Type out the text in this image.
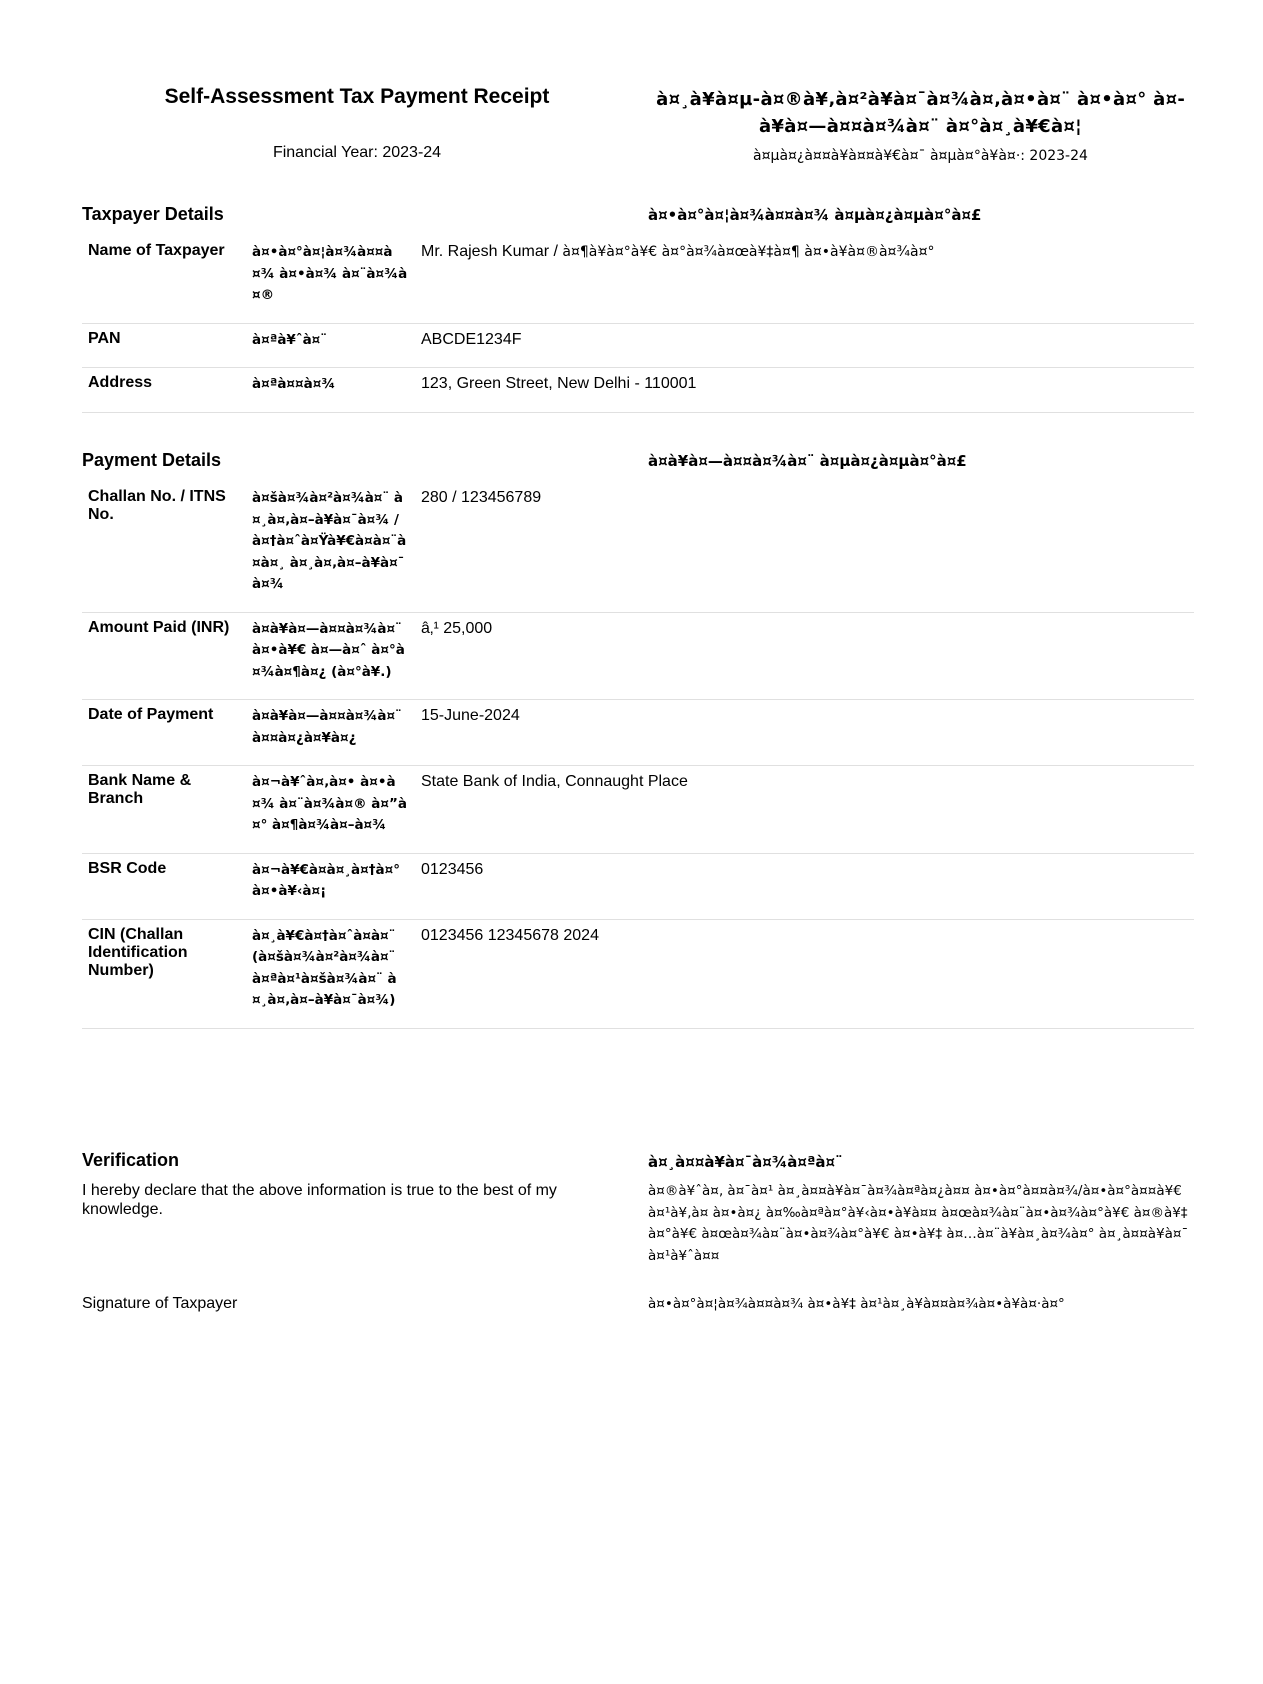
Self-Assessment Tax Payment Receipt
Financial Year: 2023-24
à¤¸à¥à¤µ-à¤®à¥‚à¤²à¥à¤¯à¤¾à¤‚à¤•à¤¨ à¤•à¤° à¤à¥à¤—à¤¤à¤¾à¤¨ à¤°à¤¸à¥€à¤¦
à¤µà¤¿à¤¤à¥à¤¤à¥€à¤¯ à¤µà¤°à¥à¤·: 2023-24
Taxpayer Details	à¤•à¤°à¤¦à¤¾à¤¤à¤¾ à¤µà¤¿à¤µà¤°à¤£
Name of Taxpayer	à¤•à¤°à¤¦à¤¾à¤¤à¤¾ à¤•à¤¾ à¤¨à¤¾à¤®	Mr. Rajesh Kumar / à¤¶à¥à¤°à¥€ à¤°à¤¾à¤œà¥‡à¤¶ à¤•à¥à¤®à¤¾à¤°
PAN	à¤ªà¥ˆà¤¨	ABCDE1234F
Address	à¤ªà¤¤à¤¾	123, Green Street, New Delhi - 110001
Payment Details	à¤à¥à¤—à¤¤à¤¾à¤¨ à¤µà¤¿à¤µà¤°à¤£
Challan No. / ITNS No.	à¤šà¤¾à¤²à¤¾à¤¨ à¤¸à¤‚à¤–à¥à¤¯à¤¾ / à¤†à¤ˆà¤Ÿà¥€à¤à¤¨à¤à¤¸ à¤¸à¤‚à¤–à¥à¤¯à¤¾	280 / 123456789
Amount Paid (INR)	à¤à¥à¤—à¤¤à¤¾à¤¨ à¤•à¥€ à¤—à¤ˆ à¤°à¤¾à¤¶à¤¿ (à¤°à¥.)	â‚¹ 25,000
Date of Payment	à¤à¥à¤—à¤¤à¤¾à¤¨ à¤¤à¤¿à¤¥à¤¿	15-June-2024
Bank Name & Branch	à¤¬à¥ˆà¤‚à¤• à¤•à¤¾ à¤¨à¤¾à¤® à¤”à¤° à¤¶à¤¾à¤–à¤¾	State Bank of India, Connaught Place
BSR Code	à¤¬à¥€à¤à¤¸à¤†à¤° à¤•à¥‹à¤¡	0123456
CIN (Challan Identification Number)	à¤¸à¥€à¤†à¤ˆà¤à¤¨ (à¤šà¤¾à¤²à¤¾à¤¨ à¤ªà¤¹à¤šà¤¾à¤¨ à¤¸à¤‚à¤–à¥à¤¯à¤¾)	0123456 12345678 2024
Verification
I hereby declare that the above information is true to the best of my knowledge.
à¤¸à¤¤à¥à¤¯à¤¾à¤ªà¤¨
à¤®à¥ˆà¤‚ à¤¯à¤¹ à¤¸à¤¤à¥à¤¯à¤¾à¤ªà¤¿à¤¤ à¤•à¤°à¤¤à¤¾/à¤•à¤°à¤¤à¥€ à¤¹à¥‚à¤ à¤•à¤¿ à¤‰à¤ªà¤°à¥‹à¤•à¥à¤¤ à¤œà¤¾à¤¨à¤•à¤¾à¤°à¥€ à¤®à¥‡à¤°à¥€ à¤œà¤¾à¤¨à¤•à¤¾à¤°à¥€ à¤•à¥‡ à¤…à¤¨à¥à¤¸à¤¾à¤° à¤¸à¤¤à¥à¤¯ à¤¹à¥ˆà¤¤
Signature of Taxpayer	à¤•à¤°à¤¦à¤¾à¤¤à¤¾ à¤•à¥‡ à¤¹à¤¸à¥à¤¤à¤¾à¤•à¥à¤·à¤°
